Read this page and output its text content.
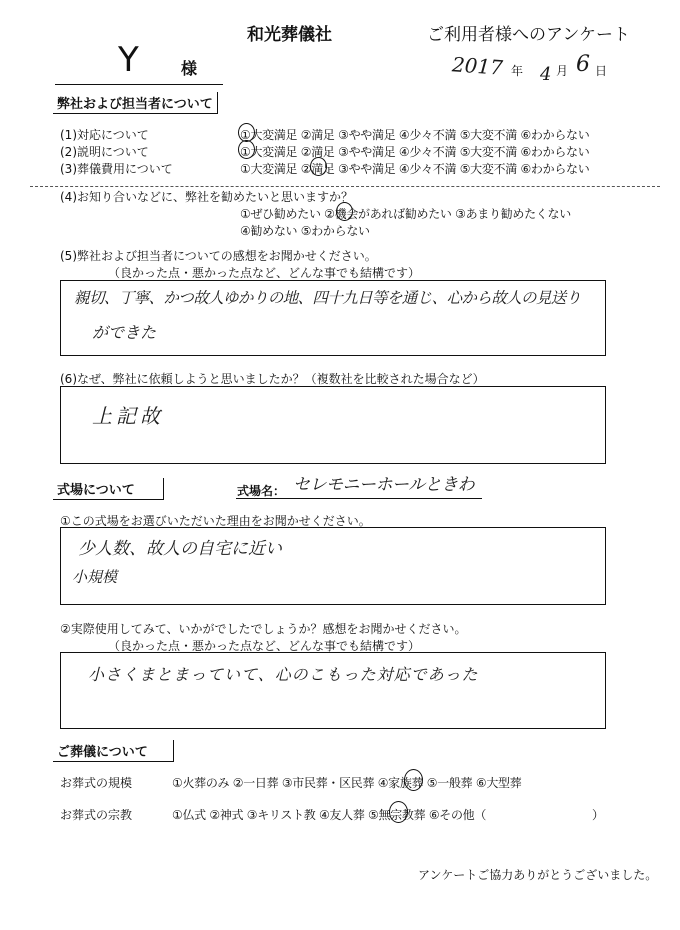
和光葬儀社	ご利用者様へのアンケート
Y	様	2017 年 4 月 6 日
弊社および担当者について
(1)対応について	①大変満足 ②満足 ③やや満足 ④少々不満 ⑤大変不満 ⑥わからない
(2)説明について	①大変満足 ②満足 ③やや満足 ④少々不満 ⑤大変不満 ⑥わからない
(3)葬儀費用について	①大変満足 ②満足 ③やや満足 ④少々不満 ⑤大変不満 ⑥わからない
(4)お知り合いなどに、弊社を勧めたいと思いますか？
①ぜひ勧めたい ②機会があれば勧めたい ③あまり勧めたくない
④勧めない ⑤わからない
(5)弊社および担当者についての感想をお聞かせください。
（良かった点・悪かった点など、どんな事でも結構です）
親切、丁寧、かつ故人ゆかりの地、四十九日等を通じ、心から故人の見送り
ができた
(6)なぜ、弊社に依頼しようと思いましたか？（複数社を比較された場合など）
上記故
式場について	式場名： セレモニーホールときわ
①この式場をお選びいただいた理由をお聞かせください。
少人数、故人の自宅に近い
小規模
②実際使用してみて、いかがでしたでしょうか？感想をお聞かせください。
（良かった点・悪かった点など、どんな事でも結構です）
小さくまとまっていて、心のこもった対応であった
ご葬儀について
お葬式の規模	①火葬のみ ②一日葬 ③市民葬・区民葬 ④家族葬 ⑤一般葬 ⑥大型葬
お葬式の宗教	①仏式 ②神式 ③キリスト教 ④友人葬 ⑤無宗教葬 ⑥その他（	）
アンケートご協力ありがとうございました。
